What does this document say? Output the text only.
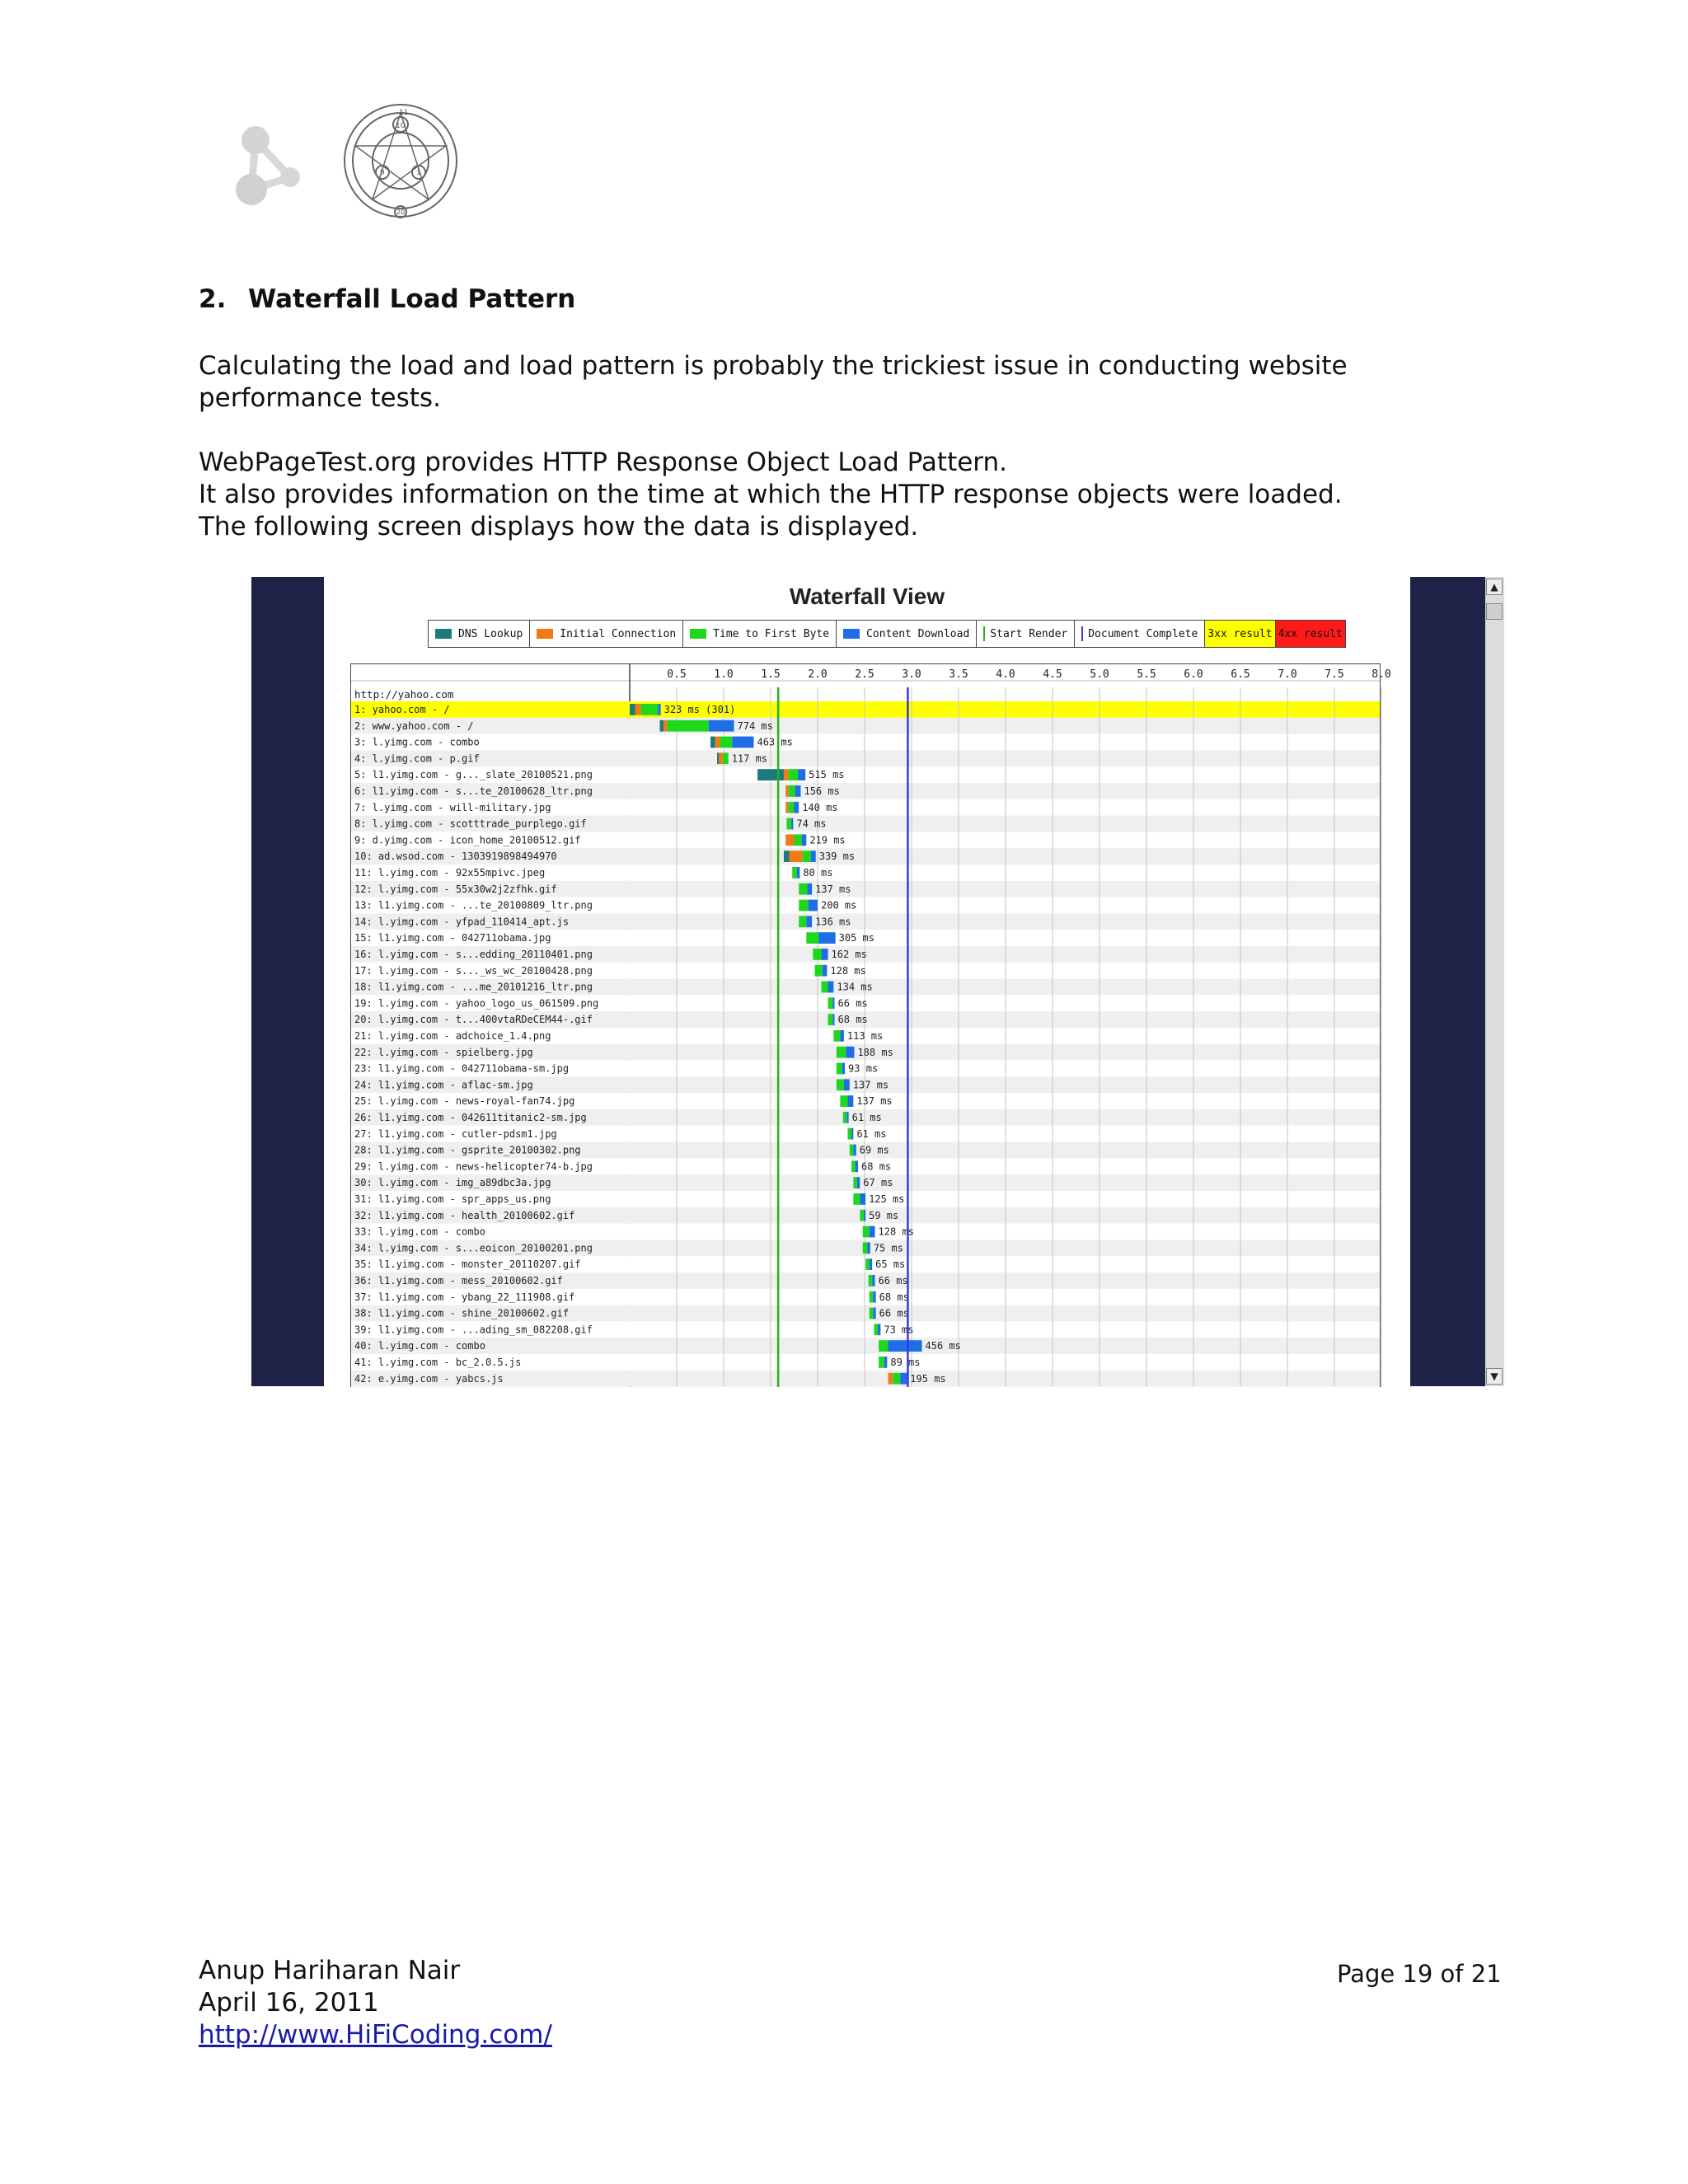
11
10
9	1
20
2. Waterfall Load Pattern
Calculating the load and load pattern is probably the trickiest issue in conducting website performance tests.
WebPageTest.org provides HTTP Response Object Load Pattern.
It also provides information on the time at which the HTTP response objects were loaded.
The following screen displays how the data is displayed.
Waterfall View
DNS Lookup	Initial Connection	Time to First Byte	Content Download Start Render Document Complete 3xx result 4xx result
0.5	1.0	1.5	2.0	2.5	3.0	3.5	4.0	4.5	5.0	5.5	6.0	6.5	7.0	7.5	8.0
http://yahoo.com
1: yahoo.com - /	323 ms (301)
2: www.yahoo.com - /	774 ms
3: l.yimg.com - combo	463 ms
4: l.yimg.com - p.gif	117 ms
5: l1.yimg.com - g..._slate_20100521.png	515 ms
6: l1.yimg.com - s...te_20100628_ltr.png	156 ms
7: l.yimg.com - will-military.jpg	140 ms
8: l.yimg.com - scotttrade_purplego.gif	74 ms
9: d.yimg.com - icon_home_20100512.gif	219 ms
10: ad.wsod.com - 1303919898494970	339 ms
11: l.yimg.com - 92x55mpivc.jpeg	80 ms
12: l.yimg.com - 55x30w2j2zfhk.gif	137 ms
13: l1.yimg.com - ...te_20100809_ltr.png	200 ms
14: l.yimg.com - yfpad_110414_apt.js	136 ms
15: l1.yimg.com - 042711obama.jpg	305 ms
16: l.yimg.com - s...edding_20110401.png	162 ms
17: l.yimg.com - s..._ws_wc_20100428.png	128 ms
18: l1.yimg.com - ...me_20101216_ltr.png	134 ms
19: l.yimg.com - yahoo_logo_us_061509.png	66 ms
20: l.yimg.com - t...400vtaRDeCEM44-.gif	68 ms
21: l.yimg.com - adchoice_1.4.png	113 ms
22: l.yimg.com - spielberg.jpg	188 ms
23: l1.yimg.com - 042711obama-sm.jpg	93 ms
24: l1.yimg.com - aflac-sm.jpg	137 ms
25: l.yimg.com - news-royal-fan74.jpg	137 ms
26: l1.yimg.com - 042611titanic2-sm.jpg	61 ms
27: l1.yimg.com - cutler-pdsm1.jpg	61 ms
28: l1.yimg.com - gsprite_20100302.png	69 ms
29: l.yimg.com - news-helicopter74-b.jpg	68 ms
30: l.yimg.com - img_a89dbc3a.jpg	67 ms
31: l1.yimg.com - spr_apps_us.png	125 ms
32: l1.yimg.com - health_20100602.gif	59 ms
33: l.yimg.com - combo	128 ms
34: l.yimg.com - s...eoicon_20100201.png	75 ms
35: l1.yimg.com - monster_20110207.gif	65 ms
36: l1.yimg.com - mess_20100602.gif	66 ms
37: l1.yimg.com - ybang_22_111908.gif	68 ms
38: l1.yimg.com - shine_20100602.gif	66 ms
39: l1.yimg.com - ...ading_sm_082208.gif	73 ms
40: l.yimg.com - combo	456 ms
41: l.yimg.com - bc_2.0.5.js	89 ms
42: e.yimg.com - yabcs.js	195 ms
▲
▼
Anup Hariharan Nair
April 16, 2011
http://www.HiFiCoding.com/
Page 19 of 21
